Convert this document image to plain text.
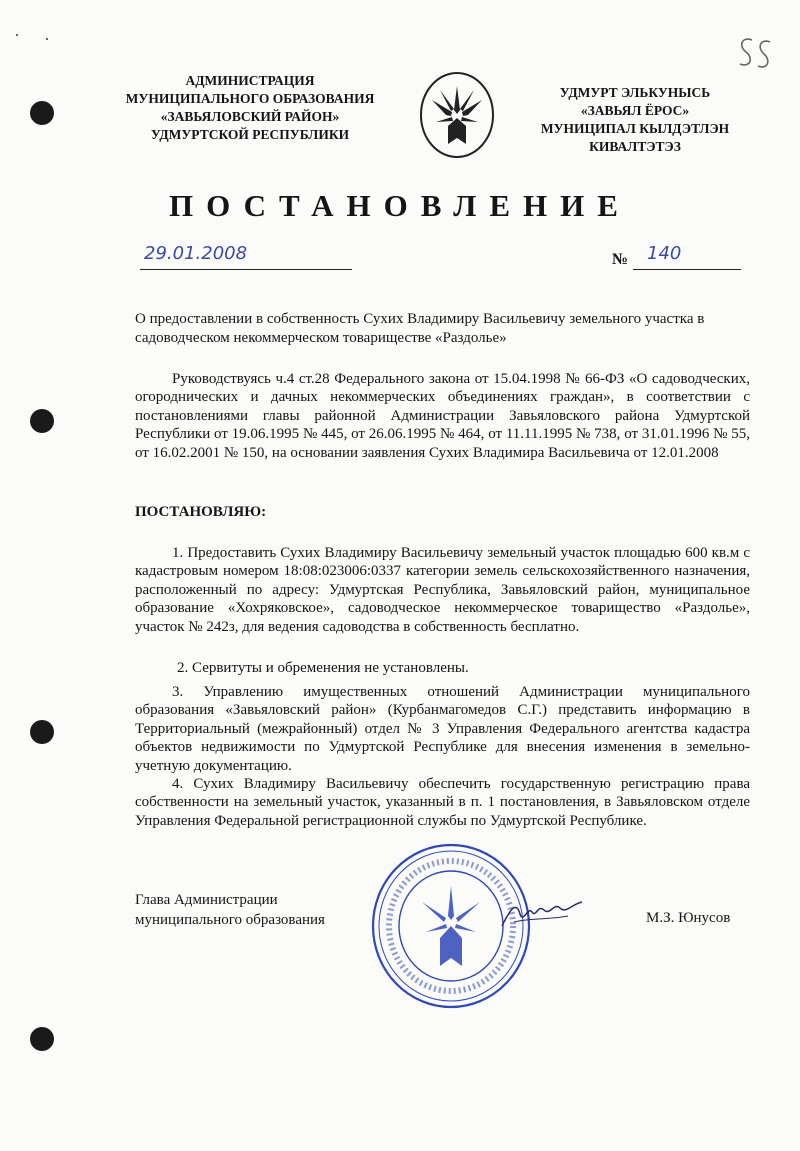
АДМИНИСТРАЦИЯ
МУНИЦИПАЛЬНОГО ОБРАЗОВАНИЯ
«ЗАВЬЯЛОВСКИЙ РАЙОН»
УДМУРТСКОЙ РЕСПУБЛИКИ
УДМУРТ ЭЛЬКУНЫСЬ
«ЗАВЬЯЛ ЁРОС»
МУНИЦИПАЛ КЫЛДЭТЛЭН
КИВАЛТЭТЭЗ
ПОСТАНОВЛЕНИЕ
29.01.2008	№	140
О предоставлении в собственность Сухих Владимиру Васильевичу земельного участка в садоводческом некоммерческом товариществе «Раздолье»
Руководствуясь ч.4 ст.28 Федерального закона от 15.04.1998 № 66-ФЗ «О садоводческих, огороднических и дачных некоммерческих объединениях граждан», в соответствии с постановлениями главы районной Администрации Завьяловского района Удмуртской Республики от 19.06.1995 № 445, от 26.06.1995 № 464, от 11.11.1995 № 738, от 31.01.1996 № 55, от 16.02.2001 № 150, на основании заявления Сухих Владимира Васильевича от 12.01.2008
ПОСТАНОВЛЯЮ:
1. Предоставить Сухих Владимиру Васильевичу земельный участок площадью 600 кв.м с кадастровым номером 18:08:023006:0337 категории земель сельскохозяйственного назначения, расположенный по адресу: Удмуртская Республика, Завьяловский район, муниципальное образование «Хохряковское», садоводческое некоммерческое товарищество «Раздолье», участок № 242з, для ведения садоводства в собственность бесплатно.
2. Сервитуты и обременения не установлены.
3. Управлению имущественных отношений Администрации муниципального образования «Завьяловский район» (Курбанмагомедов С.Г.) представить информацию в Территориальный (межрайонный) отдел № 3 Управления Федерального агентства кадастра объектов недвижимости по Удмуртской Республике для внесения изменения в земельно-учетную документацию.
4. Сухих Владимиру Васильевичу обеспечить государственную регистрацию права собственности на земельный участок, указанный в п. 1 постановления, в Завьяловском отделе Управления Федеральной регистрационной службы по Удмуртской Республике.
Глава Администрации
муниципального образования	М.З. Юнусов
